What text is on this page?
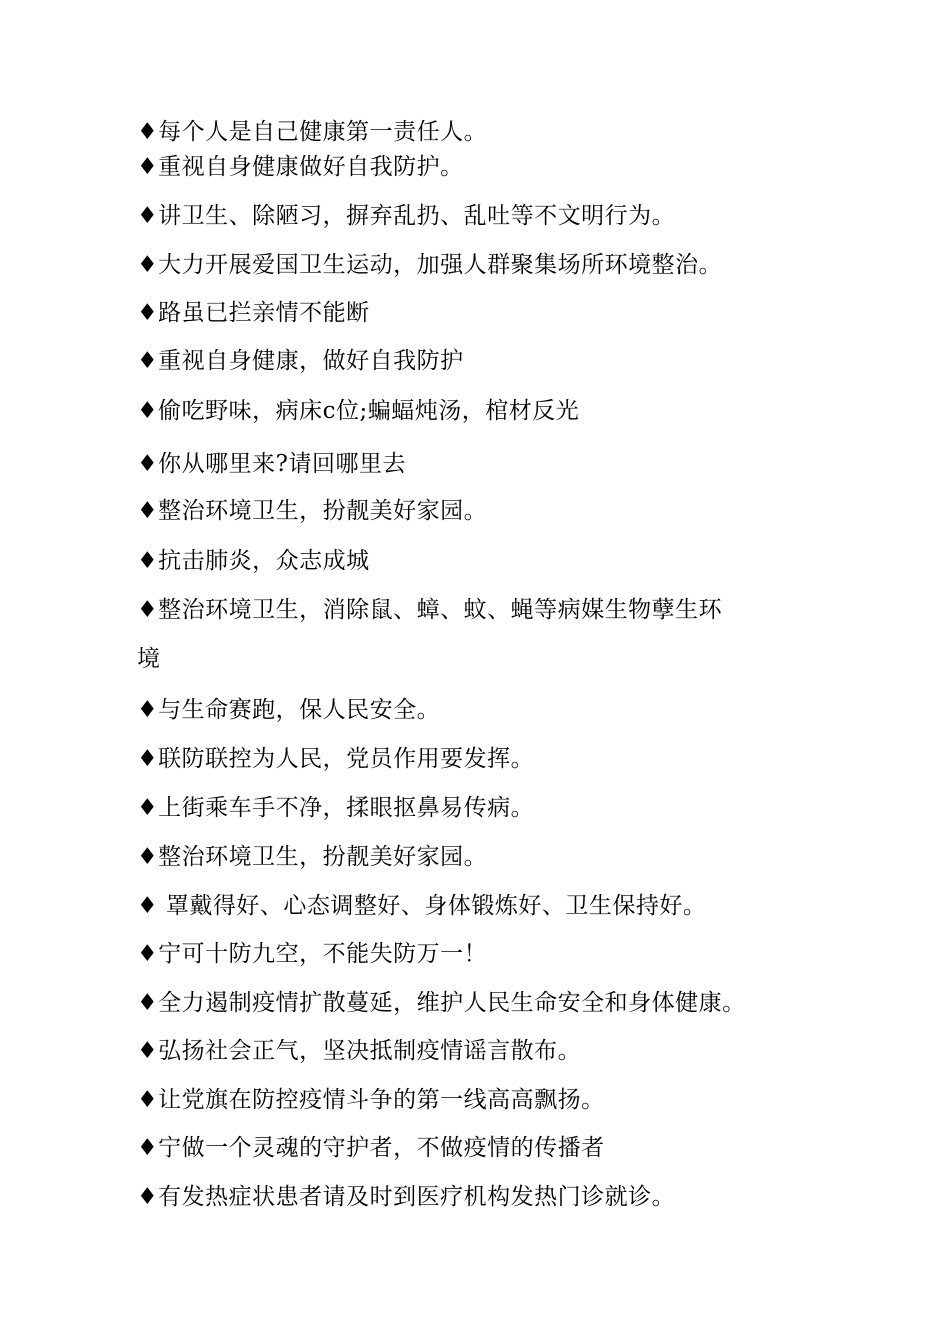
♦每个人是自己健康第一责任人。
♦重视自身健康做好自我防护。
♦讲卫生、除陋习，摒弃乱扔、乱吐等不文明行为。
♦大力开展爱国卫生运动，加强人群聚集场所环境整治。
♦路虽已拦亲情不能断
♦重视自身健康，做好自我防护
♦偷吃野味，病床c位;蝙蝠炖汤，棺材反光
♦你从哪里来?请回哪里去
♦整治环境卫生，扮靓美好家园。
♦抗击肺炎，众志成城
♦整治环境卫生，消除鼠、蟑、蚊、蝇等病媒生物孽生环
境
♦与生命赛跑，保人民安全。
♦联防联控为人民，党员作用要发挥。
♦上街乘车手不净，揉眼抠鼻易传病。
♦整治环境卫生，扮靓美好家园。
♦ 罩戴得好、心态调整好、身体锻炼好、卫生保持好。
♦宁可十防九空，不能失防万一！
♦全力遏制疫情扩散蔓延，维护人民生命安全和身体健康。
♦弘扬社会正气，坚决抵制疫情谣言散布。
♦让党旗在防控疫情斗争的第一线高高飘扬。
♦宁做一个灵魂的守护者，不做疫情的传播者
♦有发热症状患者请及时到医疗机构发热门诊就诊。
